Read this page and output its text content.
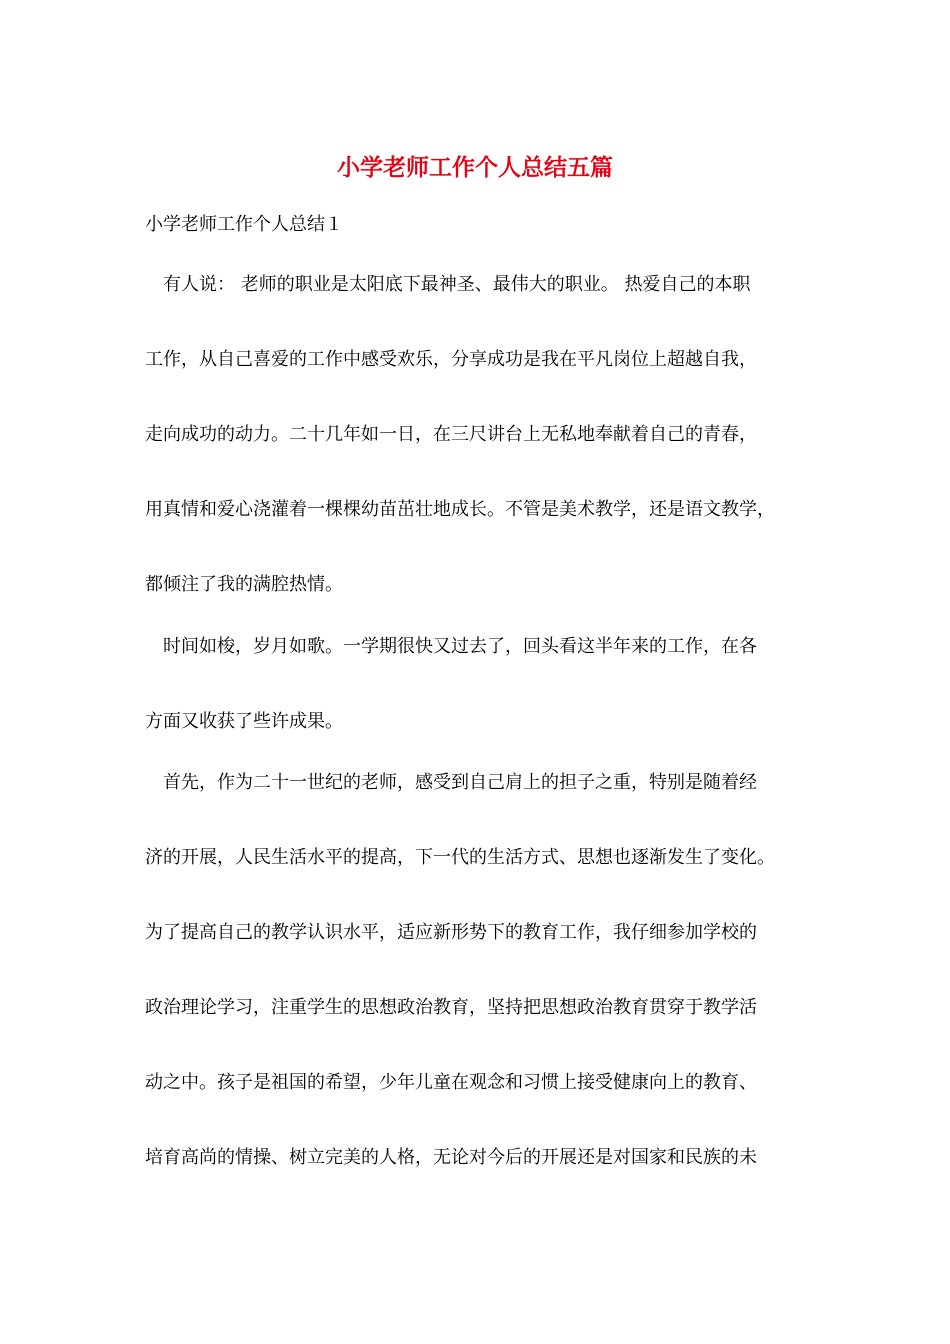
小学老师工作个人总结五篇

小学老师工作个人总结１

有人说： 老师的职业是太阳底下最神圣、最伟大的职业。 热爱自己的本职

工作，从自己喜爱的工作中感受欢乐，分享成功是我在平凡岗位上超越自我，

走向成功的动力。二十几年如一日，在三尺讲台上无私地奉献着自己的青春，

用真情和爱心浇灌着一棵棵幼苗茁壮地成长。不管是美术教学，还是语文教学，

都倾注了我的满腔热情。

时间如梭，岁月如歌。一学期很快又过去了，回头看这半年来的工作，在各

方面又收获了些许成果。

首先，作为二十一世纪的老师，感受到自己肩上的担子之重，特别是随着经

济的开展，人民生活水平的提高，下一代的生活方式、思想也逐渐发生了变化。

为了提高自己的教学认识水平，适应新形势下的教育工作，我仔细参加学校的

政治理论学习，注重学生的思想政治教育，坚持把思想政治教育贯穿于教学活

动之中。孩子是祖国的希望，少年儿童在观念和习惯上接受健康向上的教育、

培育高尚的情操、树立完美的人格，无论对今后的开展还是对国家和民族的未
